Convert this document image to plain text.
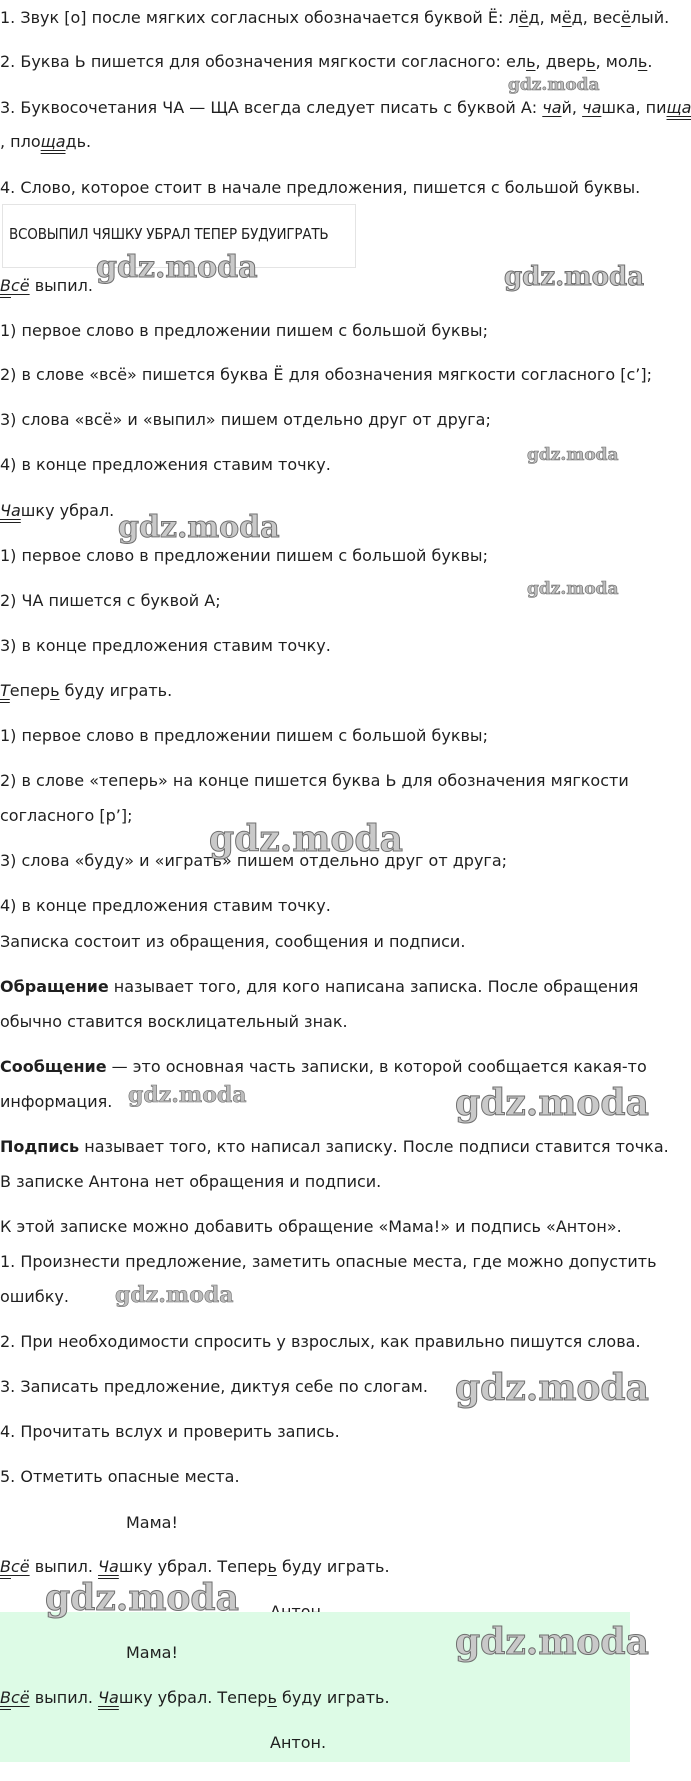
1. Звук [о] после мягких согласных обозначается буквой Ё: лёд, мёд, весёлый.
2. Буква Ь пишется для обозначения мягкости согласного: ель, дверь, моль.
3. Буквосочетания ЧА — ЩА всегда следует писать с буквой А: чай, чашка, пища
, площадь.
4. Слово, которое стоит в начале предложения, пишется с большой буквы.
ВСОВЫПИЛ ЧЯШКУ УБРАЛ ТЕПЕР БУДУИГРАТЬ
Всё выпил.
1) первое слово в предложении пишем с большой буквы;
2) в слове «всё» пишется буква Ё для обозначения мягкости согласного [с’];
3) слова «всё» и «выпил» пишем отдельно друг от друга;
4) в конце предложения ставим точку.
Чашку убрал.
1) первое слово в предложении пишем с большой буквы;
2) ЧА пишется с буквой А;
3) в конце предложения ставим точку.
Теперь буду играть.
1) первое слово в предложении пишем с большой буквы;
2) в слове «теперь» на конце пишется буква Ь для обозначения мягкости
согласного [р’];
3) слова «буду» и «играть» пишем отдельно друг от друга;
4) в конце предложения ставим точку.
Записка состоит из обращения, сообщения и подписи.
Обращение называет того, для кого написана записка. После обращения
обычно ставится восклицательный знак.
Сообщение — это основная часть записки, в которой сообщается какая-то
информация.
Подпись называет того, кто написал записку. После подписи ставится точка.
В записке Антона нет обращения и подписи.
К этой записке можно добавить обращение «Мама!» и подпись «Антон».
1. Произнести предложение, заметить опасные места, где можно допустить
ошибку.
2. При необходимости спросить у взрослых, как правильно пишутся слова.
3. Записать предложение, диктуя себе по слогам.
4. Прочитать вслух и проверить запись.
5. Отметить опасные места.
Мама!
Всё выпил. Чашку убрал. Теперь буду играть.
Мама!
Всё выпил. Чашку убрал. Теперь буду играть.
Антон.
gdz.moda
gdz.moda	gdz.moda
gdz.moda
gdz.moda
gdz.moda
gdz.moda
gdz.moda	gdz.moda
gdz.moda
gdz.moda
gdz.moda
gdz.moda
